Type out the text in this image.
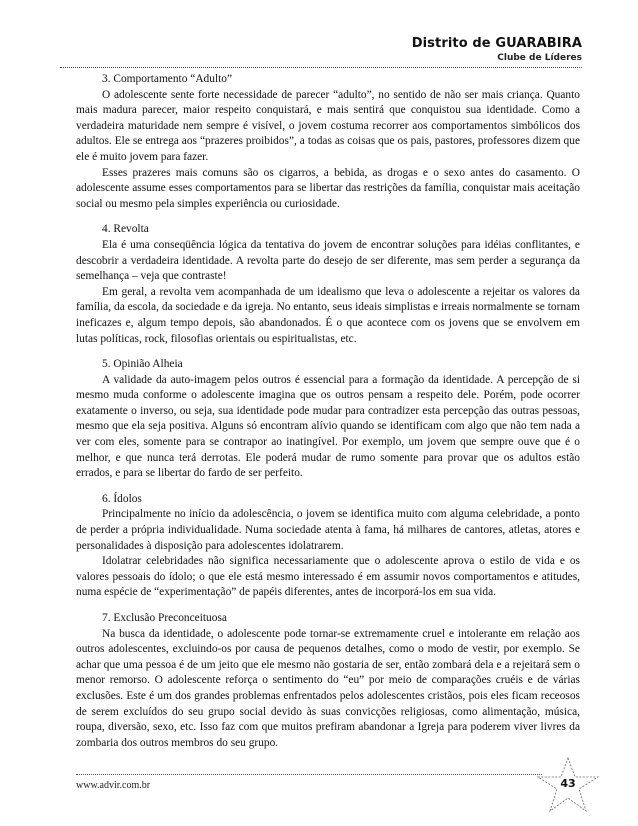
Distrito de GUARABIRA
Clube de Líderes

3. Comportamento “Adulto”

O adolescente sente forte necessidade de parecer “adulto”, no sentido de não ser mais criança. Quanto mais madura parecer, maior respeito conquistará, e mais sentirá que conquistou sua identidade. Como a verdadeira maturidade nem sempre é visível, o jovem costuma recorrer aos comportamentos simbólicos dos adultos. Ele se entrega aos “prazeres proibidos”, a todas as coisas que os pais, pastores, professores dizem que ele é muito jovem para fazer.

Esses prazeres mais comuns são os cigarros, a bebida, as drogas e o sexo antes do casamento. O adolescente assume esses comportamentos para se libertar das restrições da família, conquistar mais aceitação social ou mesmo pela simples experiência ou curiosidade.

4. Revolta

Ela é uma conseqüência lógica da tentativa do jovem de encontrar soluções para idéias conflitantes, e descobrir a verdadeira identidade. A revolta parte do desejo de ser diferente, mas sem perder a segurança da semelhança – veja que contraste!

Em geral, a revolta vem acompanhada de um idealismo que leva o adolescente a rejeitar os valores da família, da escola, da sociedade e da igreja. No entanto, seus ideais simplistas e irreais normalmente se tornam ineficazes e, algum tempo depois, são abandonados. É o que acontece com os jovens que se envolvem em lutas políticas, rock, filosofias orientais ou espiritualistas, etc.

5. Opinião Alheia

A validade da auto-imagem pelos outros é essencial para a formação da identidade. A percepção de si mesmo muda conforme o adolescente imagina que os outros pensam a respeito dele. Porém, pode ocorrer exatamente o inverso, ou seja, sua identidade pode mudar para contradizer esta percepção das outras pessoas, mesmo que ela seja positiva. Alguns só encontram alívio quando se identificam com algo que não tem nada a ver com eles, somente para se contrapor ao inatingível. Por exemplo, um jovem que sempre ouve que é o melhor, e que nunca terá derrotas. Ele poderá mudar de rumo somente para provar que os adultos estão errados, e para se libertar do fardo de ser perfeito.

6. Ídolos

Principalmente no início da adolescência, o jovem se identifica muito com alguma celebridade, a ponto de perder a própria individualidade. Numa sociedade atenta à fama, há milhares de cantores, atletas, atores e personalidades à disposição para adolescentes idolatrarem.

Idolatrar celebridades não significa necessariamente que o adolescente aprova o estilo de vida e os valores pessoais do ídolo; o que ele está mesmo interessado é em assumir novos comportamentos e atitudes, numa espécie de “experimentação” de papéis diferentes, antes de incorporá-los em sua vida.

7. Exclusão Preconceituosa

Na busca da identidade, o adolescente pode tornar-se extremamente cruel e intolerante em relação aos outros adolescentes, excluindo-os por causa de pequenos detalhes, como o modo de vestir, por exemplo. Se achar que uma pessoa é de um jeito que ele mesmo não gostaria de ser, então zombará dela e a rejeitará sem o menor remorso. O adolescente reforça o sentimento do “eu” por meio de comparações cruéis e de várias exclusões. Este é um dos grandes problemas enfrentados pelos adolescentes cristãos, pois eles ficam receosos de serem excluídos do seu grupo social devido às suas convicções religiosas, como alimentação, música, roupa, diversão, sexo, etc. Isso faz com que muitos prefiram abandonar a Igreja para poderem viver livres da zombaria dos outros membros do seu grupo.

www.advir.com.br	43
